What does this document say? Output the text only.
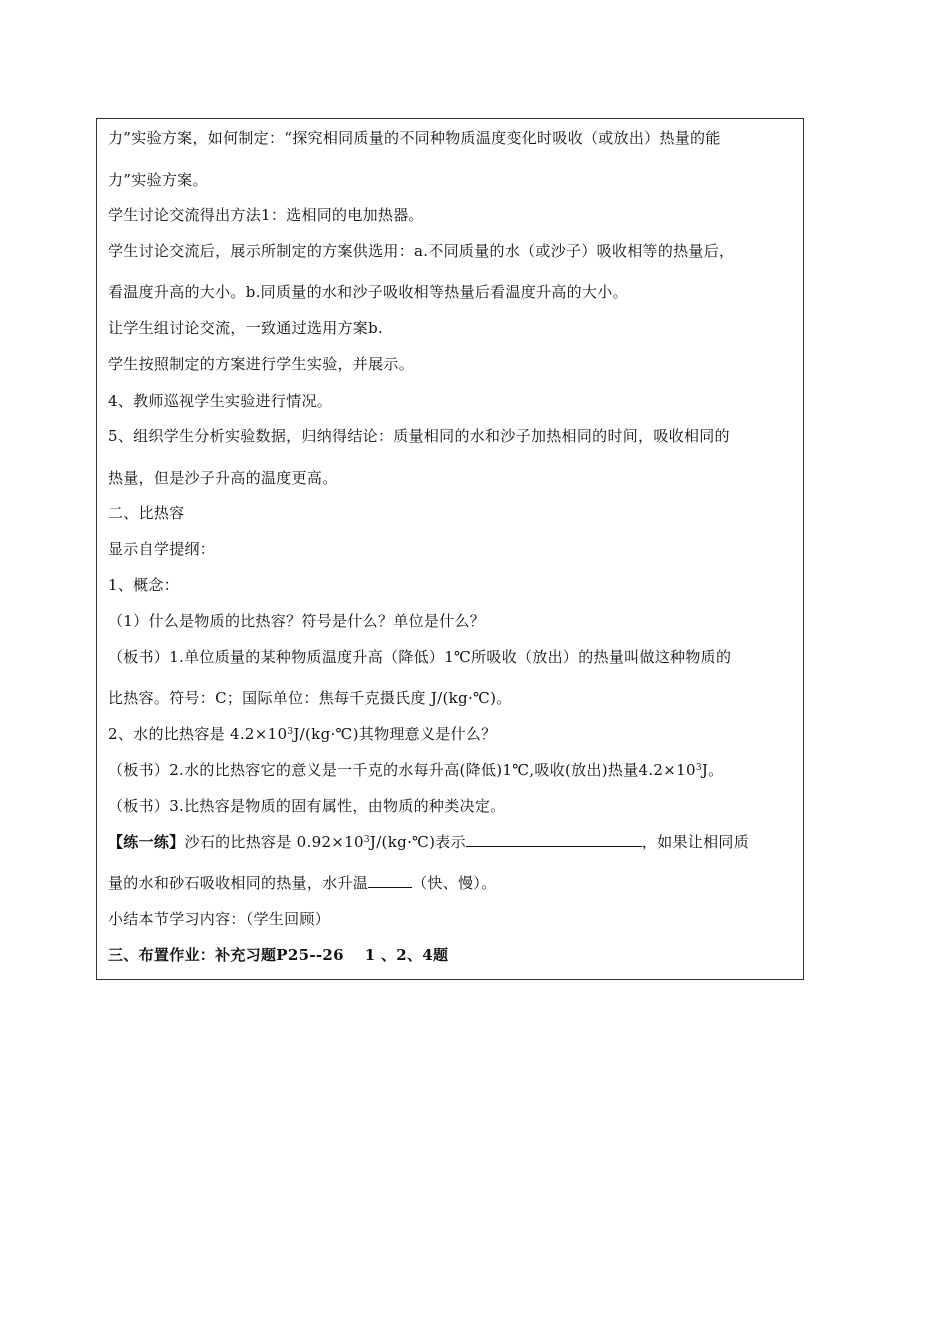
力”实验方案，如何制定：“探究相同质量的不同种物质温度变化时吸收（或放出）热量的能
力”实验方案。
学生讨论交流得出方法1：选相同的电加热器。
学生讨论交流后，展示所制定的方案供选用：a.不同质量的水（或沙子）吸收相等的热量后，
看温度升高的大小。b.同质量的水和沙子吸收相等热量后看温度升高的大小。
让学生组讨论交流，一致通过选用方案b.
学生按照制定的方案进行学生实验，并展示。
4、教师巡视学生实验进行情况。
5、组织学生分析实验数据，归纳得结论：质量相同的水和沙子加热相同的时间，吸收相同的
热量，但是沙子升高的温度更高。
二、比热容
显示自学提纲：
1、概念：
（1）什么是物质的比热容？符号是什么？单位是什么？
（板书）1.单位质量的某种物质温度升高（降低）1℃所吸收（放出）的热量叫做这种物质的
比热容。符号：C；国际单位：焦每千克摄氏度 J/(kg·℃)。
2、水的比热容是 $4.2\times 10^3J/(kg\cdot℃)$其物理意义是什么？
（板书）2.水的比热容它的意义是一千克的水每升高(降低)1℃,吸收(放出)热量$4.2\times 10^3J$。
（板书）3.比热容是物质的固有属性，由物质的种类决定。
【练一练】沙石的比热容是 $0.92\times 10^3J/(kg\cdot℃)$表示	，如果让相同质
量的水和砂石吸收相同的热量，水升温	（快、慢）。
小结本节学习内容：（学生回顾）
三、布置作业：补充习题P25--26　 1 、2、4题
